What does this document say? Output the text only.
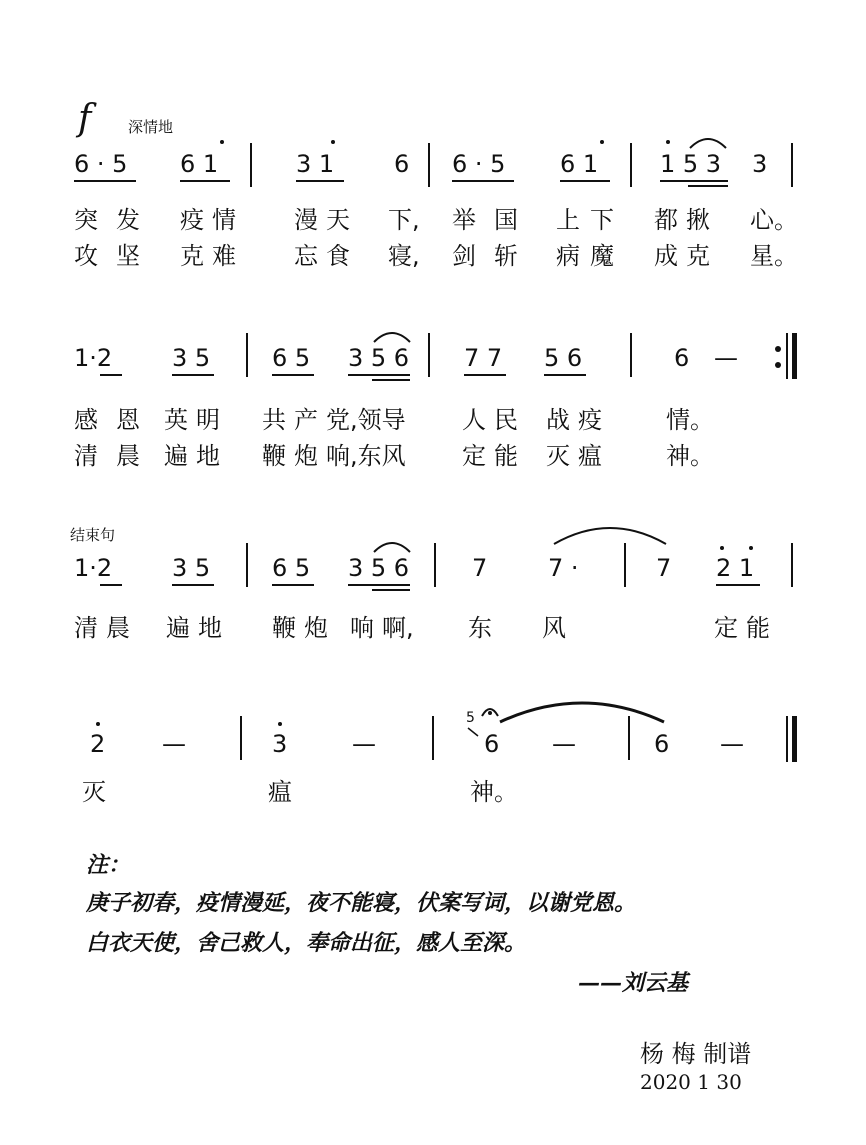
f 深情地
6 · 5 6 1	3 1 6 6 · 5 6 1	1 5 3 3
突 发 疫 情 漫 天 下, 举 国 上 下 都 揪 心。
攻 坚 克 难 忘 食 寝, 剑 斩 病 魔 成 克 星。
1·2 3 5	6 5 3 5 6 7 7 5 6	6 —
感 恩 英 明 共 产 党,领导 人 民 战 疫	情。
清 晨 遍 地 鞭 炮 响,东风 定 能 灭 瘟	神。
结束句
1·2 3 5	6 5 3 5 6	7	7 ·	7 2 1
清 晨 遍 地 鞭 炮 响 啊, 东 风	定 能
2 —	3	—
5
6 —	6 —
灭	瘟	神。
注：
庚子初春，疫情漫延，夜不能寝，伏案写词，以谢党恩。
白衣天使，舍己救人，奉命出征，感人至深。
——刘云基
杨 梅 制谱
2020 1 30
